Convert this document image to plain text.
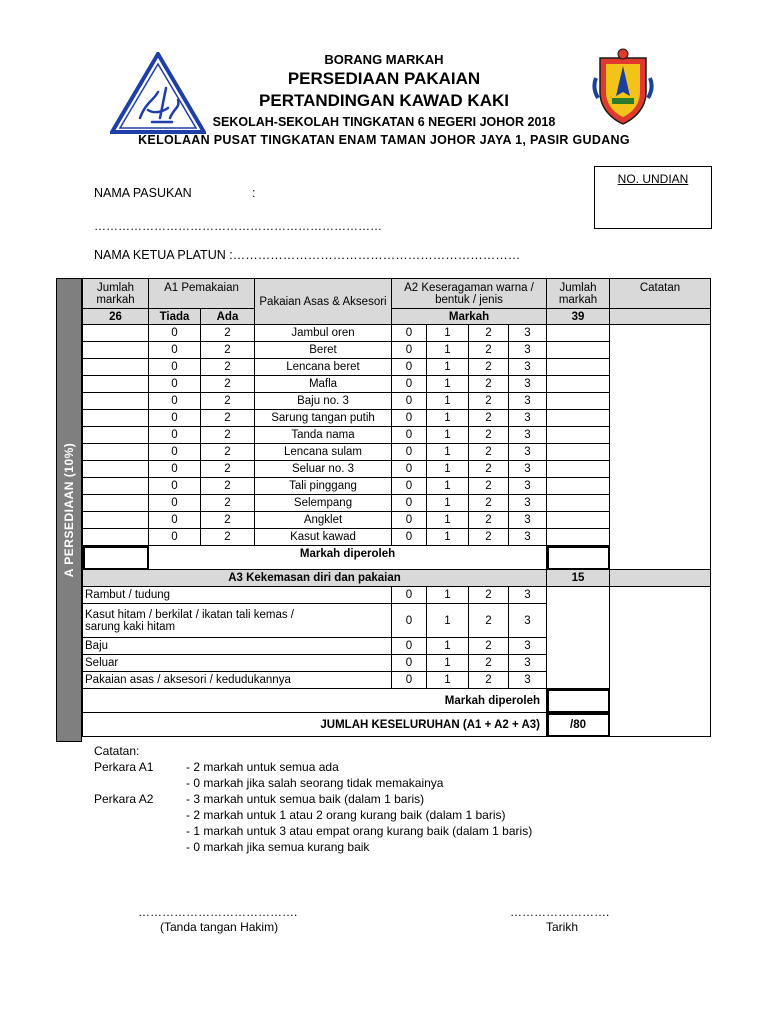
BORANG MARKAH
PERSEDIAAN PAKAIAN
PERTANDINGAN KAWAD KAKI
SEKOLAH-SEKOLAH TINGKATAN 6 NEGERI JOHOR 2018
KELOLAAN PUSAT TINGKATAN ENAM TAMAN JOHOR JAYA 1, PASIR GUDANG
NO. UNDIAN
NAMA PASUKAN	:
………………………………………………………………
NAMA KETUA PLATUN :……………………………………………………………
A PERSEDIAAN (10%)
Jumlah markah	A1 Pemakaian		Pakaian Asas & Aksesori	A2 Keseragaman warna / bentuk / jenis				Jumlah markah	Catatan
26	Tiada	Ada		Markah				39	
	0	2	Jambul oren	0	1	2	3		
	0	2	Beret	0	1	2	3		
	0	2	Lencana beret	0	1	2	3		
	0	2	Mafla	0	1	2	3		
	0	2	Baju no. 3	0	1	2	3		
	0	2	Sarung tangan putih	0	1	2	3		
	0	2	Tanda nama	0	1	2	3		
	0	2	Lencana sulam	0	1	2	3		
	0	2	Seluar no. 3	0	1	2	3		
	0	2	Tali pinggang	0	1	2	3		
	0	2	Selempang	0	1	2	3		
	0	2	Angklet	0	1	2	3		
	0	2	Kasut kawad	0	1	2	3		
	Markah diperoleh								
A3 Kekemasan diri dan pakaian								15	
Rambut / tudung				0	1	2	3		
Kasut hitam / berkilat / ikatan tali kemas / sarung kaki hitam				0	1	2	3		
Baju				0	1	2	3		
Seluar				0	1	2	3		
Pakaian asas / aksesori / kedudukannya				0	1	2	3		
Markah diperoleh									
JUMLAH KESELURUHAN (A1 + A2 + A3)								/80	
Catatan:
Perkara A1	- 2 markah untuk semua ada
- 0 markah jika salah seorang tidak memakainya
Perkara A2	- 3 markah untuk semua baik (dalam 1 baris)
- 2 markah untuk 1 atau 2 orang kurang baik (dalam 1 baris)
- 1 markah untuk 3 atau empat orang kurang baik (dalam 1 baris)
- 0 markah jika semua kurang baik
………………………………….
(Tanda tangan Hakim)
…………………….
Tarikh
